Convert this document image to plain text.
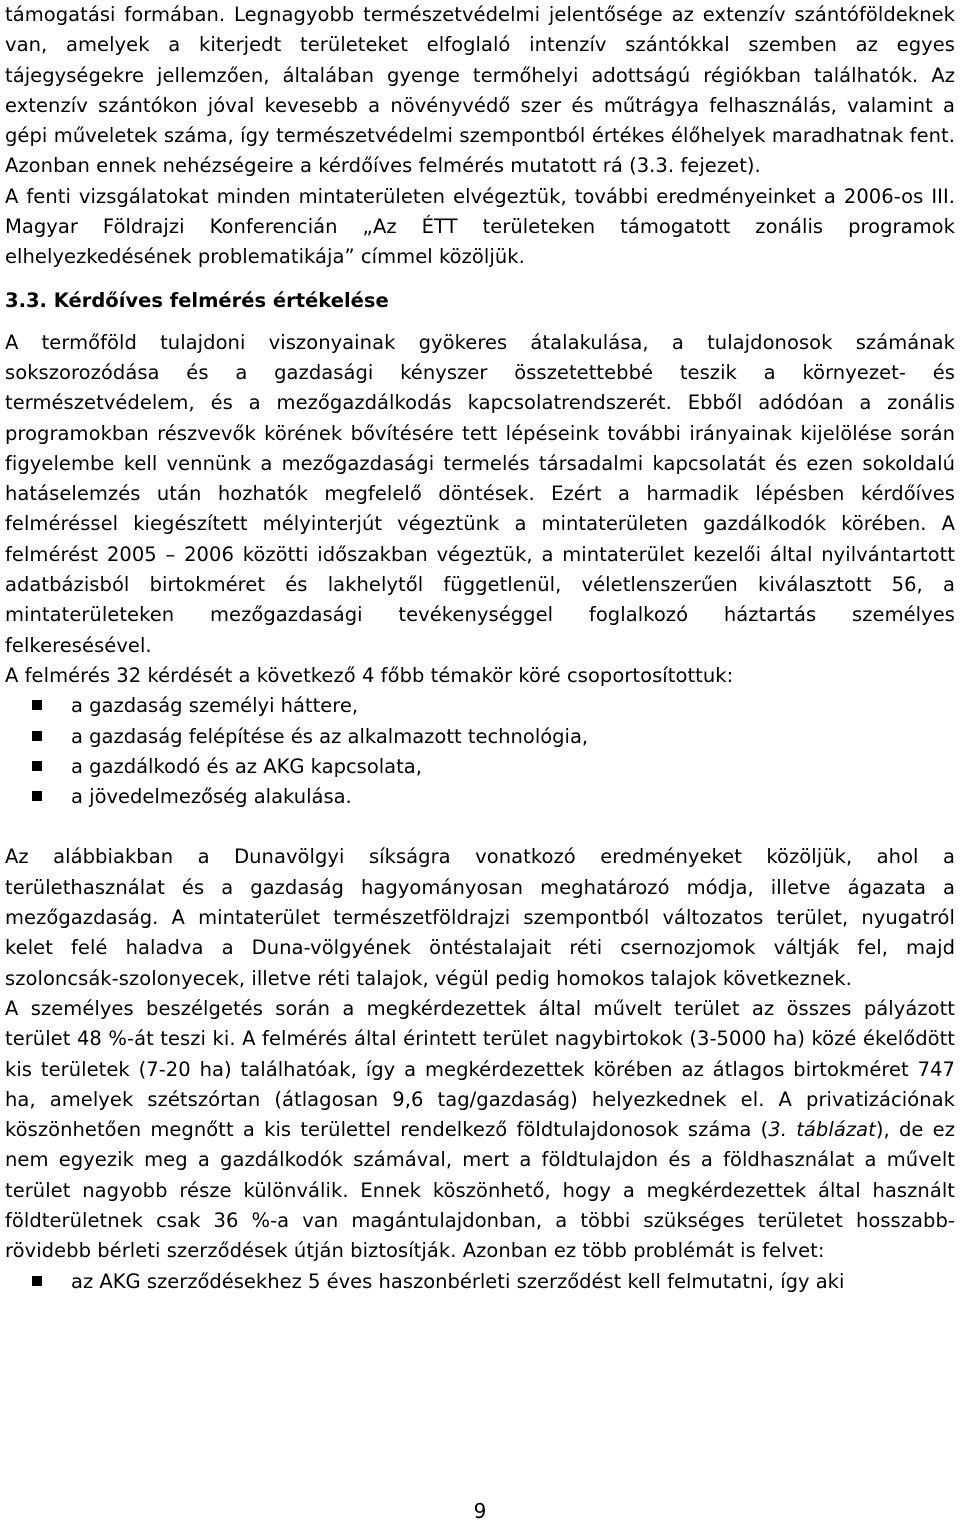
támogatási formában. Legnagyobb természetvédelmi jelentősége az extenzív szántóföldeknek van, amelyek a kiterjedt területeket elfoglaló intenzív szántókkal szemben az egyes tájegységekre jellemzően, általában gyenge termőhelyi adottságú régiókban találhatók. Az extenzív szántókon jóval kevesebb a növényvédő szer és műtrágya felhasználás, valamint a gépi műveletek száma, így természetvédelmi szempontból értékes élőhelyek maradhatnak fent. Azonban ennek nehézségeire a kérdőíves felmérés mutatott rá (3.3. fejezet).

A fenti vizsgálatokat minden mintaterületen elvégeztük, további eredményeinket a 2006-os III. Magyar Földrajzi Konferencián „Az ÉTT területeken támogatott zonális programok elhelyezkedésének problematikája” címmel közöljük.

3.3. Kérdőíves felmérés értékelése

A termőföld tulajdoni viszonyainak gyökeres átalakulása, a tulajdonosok számának sokszorozódása és a gazdasági kényszer összetettebbé teszik a környezet- és természetvédelem, és a mezőgazdálkodás kapcsolatrendszerét. Ebből adódóan a zonális programokban részvevők körének bővítésére tett lépéseink további irányainak kijelölése során figyelembe kell vennünk a mezőgazdasági termelés társadalmi kapcsolatát és ezen sokoldalú hatáselemzés után hozhatók megfelelő döntések. Ezért a harmadik lépésben kérdőíves felméréssel kiegészített mélyinterjút végeztünk a mintaterületen gazdálkodók körében. A felmérést 2005 – 2006 közötti időszakban végeztük, a mintaterület kezelői által nyilvántartott adatbázisból birtokméret és lakhelytől függetlenül, véletlenszerűen kiválasztott 56, a mintaterületeken mezőgazdasági tevékenységgel foglalkozó háztartás személyes felkeresésével.

A felmérés 32 kérdését a következő 4 főbb témakör köré csoportosítottuk:

a gazdaság személyi háttere,
a gazdaság felépítése és az alkalmazott technológia,
a gazdálkodó és az AKG kapcsolata,
a jövedelmezőség alakulása.

Az alábbiakban a Dunavölgyi síkságra vonatkozó eredményeket közöljük, ahol a területhasználat és a gazdaság hagyományosan meghatározó módja, illetve ágazata a mezőgazdaság. A mintaterület természetföldrajzi szempontból változatos terület, nyugatról kelet felé haladva a Duna-völgyének öntéstalajait réti csernozjomok váltják fel, majd szoloncsák-szolonyecek, illetve réti talajok, végül pedig homokos talajok következnek.

A személyes beszélgetés során a megkérdezettek által művelt terület az összes pályázott terület 48 %-át teszi ki. A felmérés által érintett terület nagybirtokok (3-5000 ha) közé ékelődött kis területek (7-20 ha) találhatóak, így a megkérdezettek körében az átlagos birtokméret 747 ha, amelyek szétszórtan (átlagosan 9,6 tag/gazdaság) helyezkednek el. A privatizációnak köszönhetően megnőtt a kis területtel rendelkező földtulajdonosok száma (3. táblázat), de ez nem egyezik meg a gazdálkodók számával, mert a földtulajdon és a földhasználat a művelt terület nagyobb része különválik. Ennek köszönhető, hogy a megkérdezettek által használt földterületnek csak 36 %-a van magántulajdonban, a többi szükséges területet hosszabb-rövidebb bérleti szerződések útján biztosítják. Azonban ez több problémát is felvet:

az AKG szerződésekhez 5 éves haszonbérleti szerződést kell felmutatni, így aki
9
